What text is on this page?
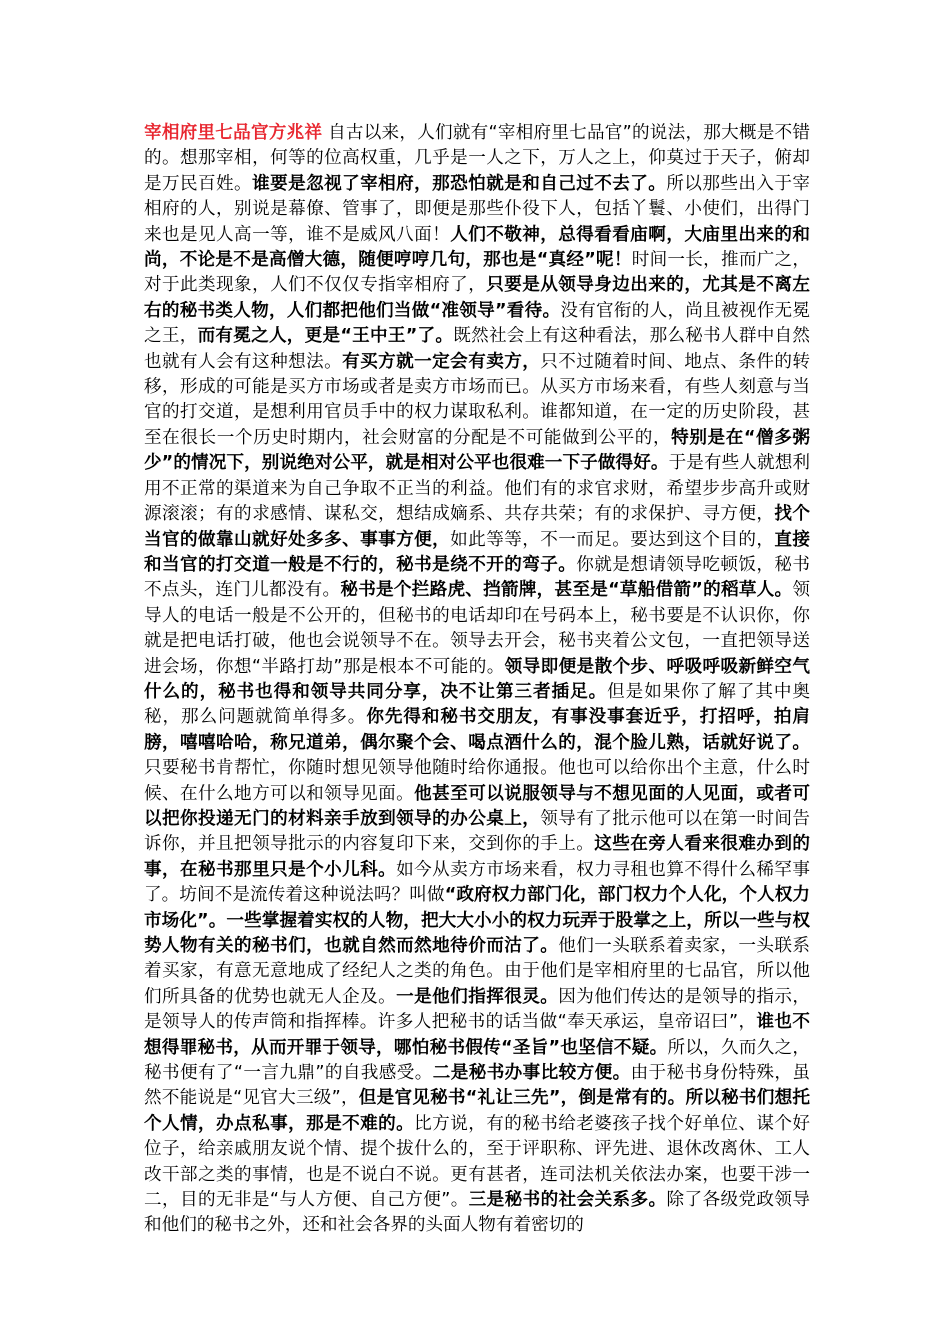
宰相府里七品官方兆祥 自古以来，人们就有“宰相府里七品官”的说法，那大概是不错的。想那宰相，何等的位高权重，几乎是一人之下，万人之上，仰莫过于天子，俯却是万民百姓。谁要是忽视了宰相府，那恐怕就是和自己过不去了。所以那些出入于宰相府的人，别说是幕僚、管事了，即便是那些仆役下人，包括丫鬟、小使们，出得门来也是见人高一等，谁不是威风八面！人们不敬神，总得看看庙啊，大庙里出来的和尚，不论是不是高僧大德，随便哼哼几句，那也是“真经”呢！时间一长，推而广之，对于此类现象，人们不仅仅专指宰相府了，只要是从领导身边出来的，尤其是不离左右的秘书类人物，人们都把他们当做“准领导”看待。没有官衔的人，尚且被视作无冕之王，而有冕之人，更是“王中王”了。既然社会上有这种看法，那么秘书人群中自然也就有人会有这种想法。有买方就一定会有卖方，只不过随着时间、地点、条件的转移，形成的可能是买方市场或者是卖方市场而已。从买方市场来看，有些人刻意与当官的打交道，是想利用官员手中的权力谋取私利。谁都知道，在一定的历史阶段，甚至在很长一个历史时期内，社会财富的分配是不可能做到公平的，特别是在“僧多粥少”的情况下，别说绝对公平，就是相对公平也很难一下子做得好。于是有些人就想利用不正常的渠道来为自己争取不正当的利益。他们有的求官求财，希望步步高升或财源滚滚；有的求感情、谋私交，想结成嫡系、共存共荣；有的求保护、寻方便，找个当官的做靠山就好处多多、事事方便，如此等等，不一而足。要达到这个目的，直接和当官的打交道一般是不行的，秘书是绕不开的弯子。你就是想请领导吃顿饭，秘书不点头，连门儿都没有。秘书是个拦路虎、挡箭牌，甚至是“草船借箭”的稻草人。领导人的电话一般是不公开的，但秘书的电话却印在号码本上，秘书要是不认识你，你就是把电话打破，他也会说领导不在。领导去开会，秘书夹着公文包，一直把领导送进会场，你想“半路打劫”那是根本不可能的。领导即便是散个步、呼吸呼吸新鲜空气什么的，秘书也得和领导共同分享，决不让第三者插足。但是如果你了解了其中奥秘，那么问题就简单得多。你先得和秘书交朋友，有事没事套近乎，打招呼，拍肩膀，嘻嘻哈哈，称兄道弟，偶尔聚个会、喝点酒什么的，混个脸儿熟，话就好说了。只要秘书肯帮忙，你随时想见领导他随时给你通报。他也可以给你出个主意，什么时候、在什么地方可以和领导见面。他甚至可以说服领导与不想见面的人见面，或者可以把你投递无门的材料亲手放到领导的办公桌上，领导有了批示他可以在第一时间告诉你，并且把领导批示的内容复印下来，交到你的手上。这些在旁人看来很难办到的事，在秘书那里只是个小儿科。如今从卖方市场来看，权力寻租也算不得什么稀罕事了。坊间不是流传着这种说法吗？叫做“政府权力部门化，部门权力个人化，个人权力市场化”。一些掌握着实权的人物，把大大小小的权力玩弄于股掌之上，所以一些与权势人物有关的秘书们，也就自然而然地待价而沽了。他们一头联系着卖家，一头联系着买家，有意无意地成了经纪人之类的角色。由于他们是宰相府里的七品官，所以他们所具备的优势也就无人企及。一是他们指挥很灵。因为他们传达的是领导的指示，是领导人的传声筒和指挥棒。许多人把秘书的话当做“奉天承运，皇帝诏曰”，谁也不想得罪秘书，从而开罪于领导，哪怕秘书假传“圣旨”也坚信不疑。所以，久而久之，秘书便有了“一言九鼎”的自我感受。二是秘书办事比较方便。由于秘书身份特殊，虽然不能说是“见官大三级”，但是官见秘书“礼让三先”，倒是常有的。所以秘书们想托个人情，办点私事，那是不难的。比方说，有的秘书给老婆孩子找个好单位、谋个好位子，给亲戚朋友说个情、提个拔什么的，至于评职称、评先进、退休改离休、工人改干部之类的事情，也是不说白不说。更有甚者，连司法机关依法办案，也要干涉一二，目的无非是“与人方便、自己方便”。三是秘书的社会关系多。除了各级党政领导和他们的秘书之外，还和社会各界的头面人物有着密切的
